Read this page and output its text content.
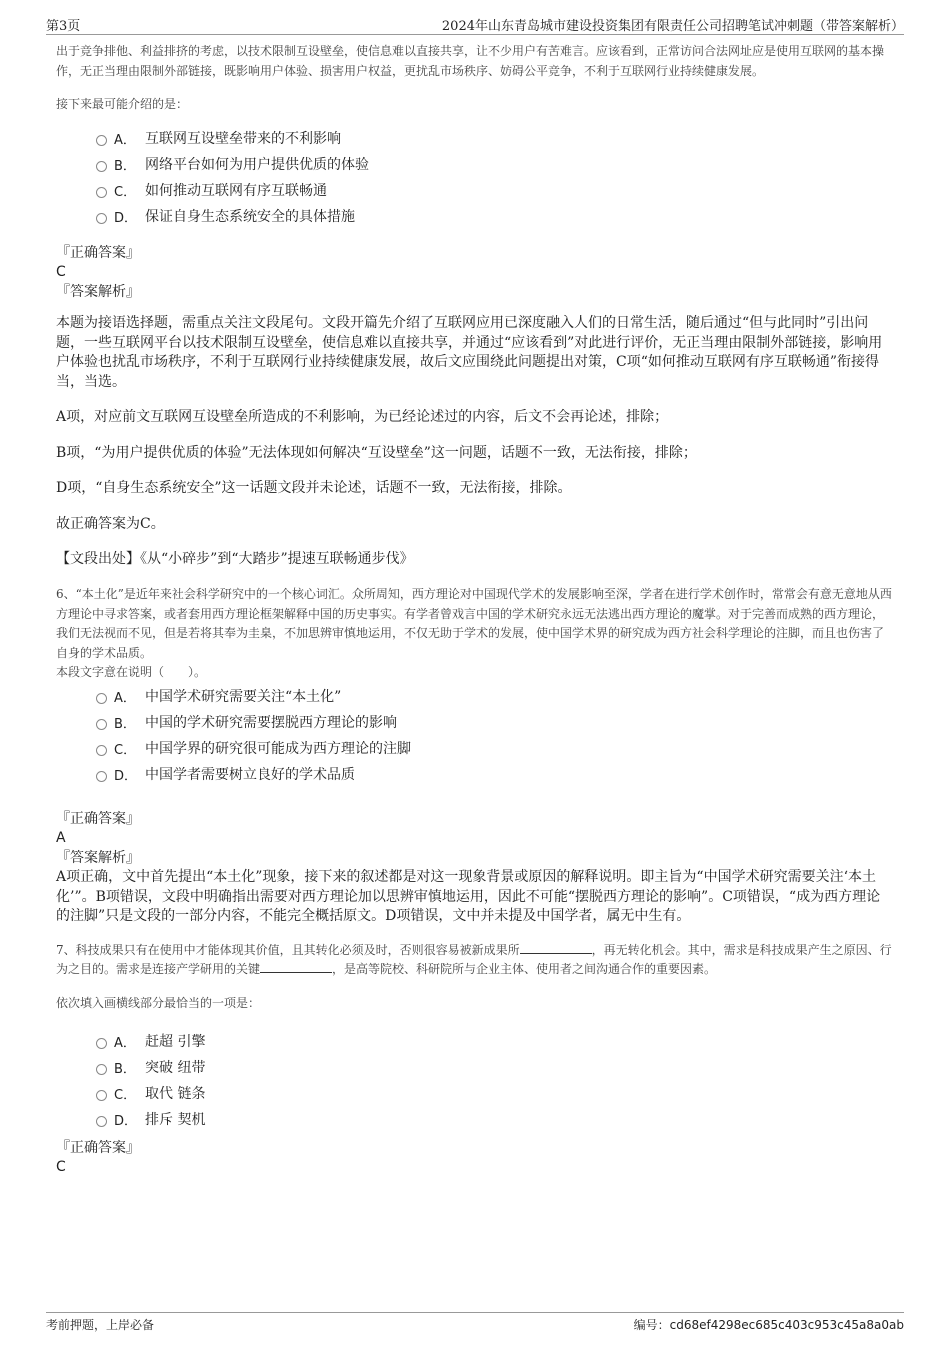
第3页	2024年山东青岛城市建设投资集团有限责任公司招聘笔试冲刺题（带答案解析）

出于竞争排他、利益排挤的考虑，以技术限制互设壁垒，使信息难以直接共享，让不少用户有苦难言。应该看到，正常访问合法网址应是使用互联网的基本操作，无正当理由限制外部链接，既影响用户体验、损害用户权益，更扰乱市场秩序、妨碍公平竞争，不利于互联网行业持续健康发展。

接下来最可能介绍的是：

A． 互联网互设壁垒带来的不利影响
B． 网络平台如何为用户提供优质的体验
C． 如何推动互联网有序互联畅通
D． 保证自身生态系统安全的具体措施

『正确答案』

C

『答案解析』

本题为接语选择题，需重点关注文段尾句。文段开篇先介绍了互联网应用已深度融入人们的日常生活，随后通过“但与此同时”引出问题，一些互联网平台以技术限制互设壁垒，使信息难以直接共享，并通过“应该看到”对此进行评价，无正当理由限制外部链接，影响用户体验也扰乱市场秩序，不利于互联网行业持续健康发展，故后文应围绕此问题提出对策，C项“如何推动互联网有序互联畅通”衔接得当，当选。

A项，对应前文互联网互设壁垒所造成的不利影响，为已经论述过的内容，后文不会再论述，排除；

B项，“为用户提供优质的体验”无法体现如何解决“互设壁垒”这一问题，话题不一致，无法衔接，排除；

D项，“自身生态系统安全”这一话题文段并未论述，话题不一致，无法衔接，排除。

故正确答案为C。

【文段出处】《从“小碎步”到“大踏步”提速互联畅通步伐》

6、“本土化”是近年来社会科学研究中的一个核心词汇。众所周知，西方理论对中国现代学术的发展影响至深，学者在进行学术创作时，常常会有意无意地从西方理论中寻求答案，或者套用西方理论框架解释中国的历史事实。有学者曾戏言中国的学术研究永远无法逃出西方理论的魔掌。对于完善而成熟的西方理论，我们无法视而不见，但是若将其奉为圭臬，不加思辨审慎地运用，不仅无助于学术的发展，使中国学术界的研究成为西方社会科学理论的注脚，而且也伤害了自身的学术品质。

本段文字意在说明（　　）。

A． 中国学术研究需要关注“本土化”
B． 中国的学术研究需要摆脱西方理论的影响
C． 中国学界的研究很可能成为西方理论的注脚
D． 中国学者需要树立良好的学术品质

『正确答案』

A

『答案解析』

A项正确，文中首先提出“本土化”现象，接下来的叙述都是对这一现象背景或原因的解释说明。即主旨为“中国学术研究需要关注‘本土化’”。B项错误，文段中明确指出需要对西方理论加以思辨审慎地运用，因此不可能“摆脱西方理论的影响”。C项错误，“成为西方理论的注脚”只是文段的一部分内容，不能完全概括原文。D项错误，文中并未提及中国学者，属无中生有。

7、科技成果只有在使用中才能体现其价值，且其转化必须及时，否则很容易被新成果所	，再无转化机会。其中，需求是科技成果产生之原因、行为之目的。需求是连接产学研用的关键	，是高等院校、科研院所与企业主体、使用者之间沟通合作的重要因素。

依次填入画横线部分最恰当的一项是：

A． 赶超 引擎
B． 突破 纽带
C． 取代 链条
D． 排斥 契机

『正确答案』

C

考前押题，上岸必备	编号：cd68ef4298ec685c403c953c45a8a0ab
